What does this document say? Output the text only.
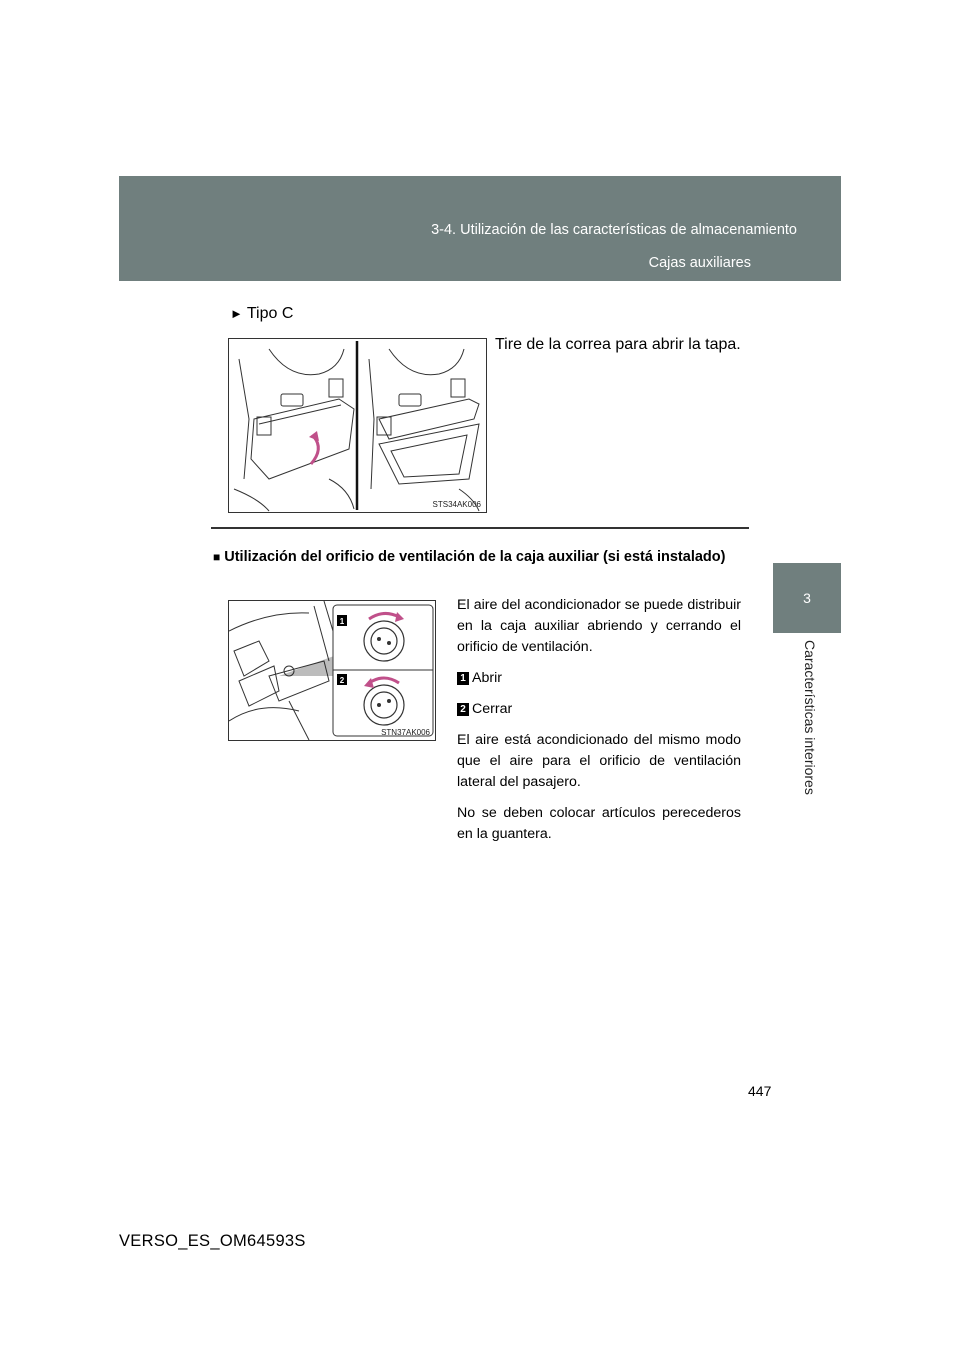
3-4. Utilización de las características de almacenamiento
Cajas auxiliares
3
Características interiores
► Tipo C
STS34AK006
Tire de la correa para abrir la tapa.
■ Utilización del orificio de ventilación de la caja auxiliar (si está instalado)
1
2
STN37AK006

El aire del acondicionador se puede distribuir en la caja auxiliar abriendo y cerrando el orificio de ventilación.

1 Abrir
2 Cerrar

El aire está acondicionado del mismo modo que el aire para el orificio de ventilación lateral del pasajero.

No se deben colocar artículos perecederos en la guantera.

447
VERSO_ES_OM64593S
